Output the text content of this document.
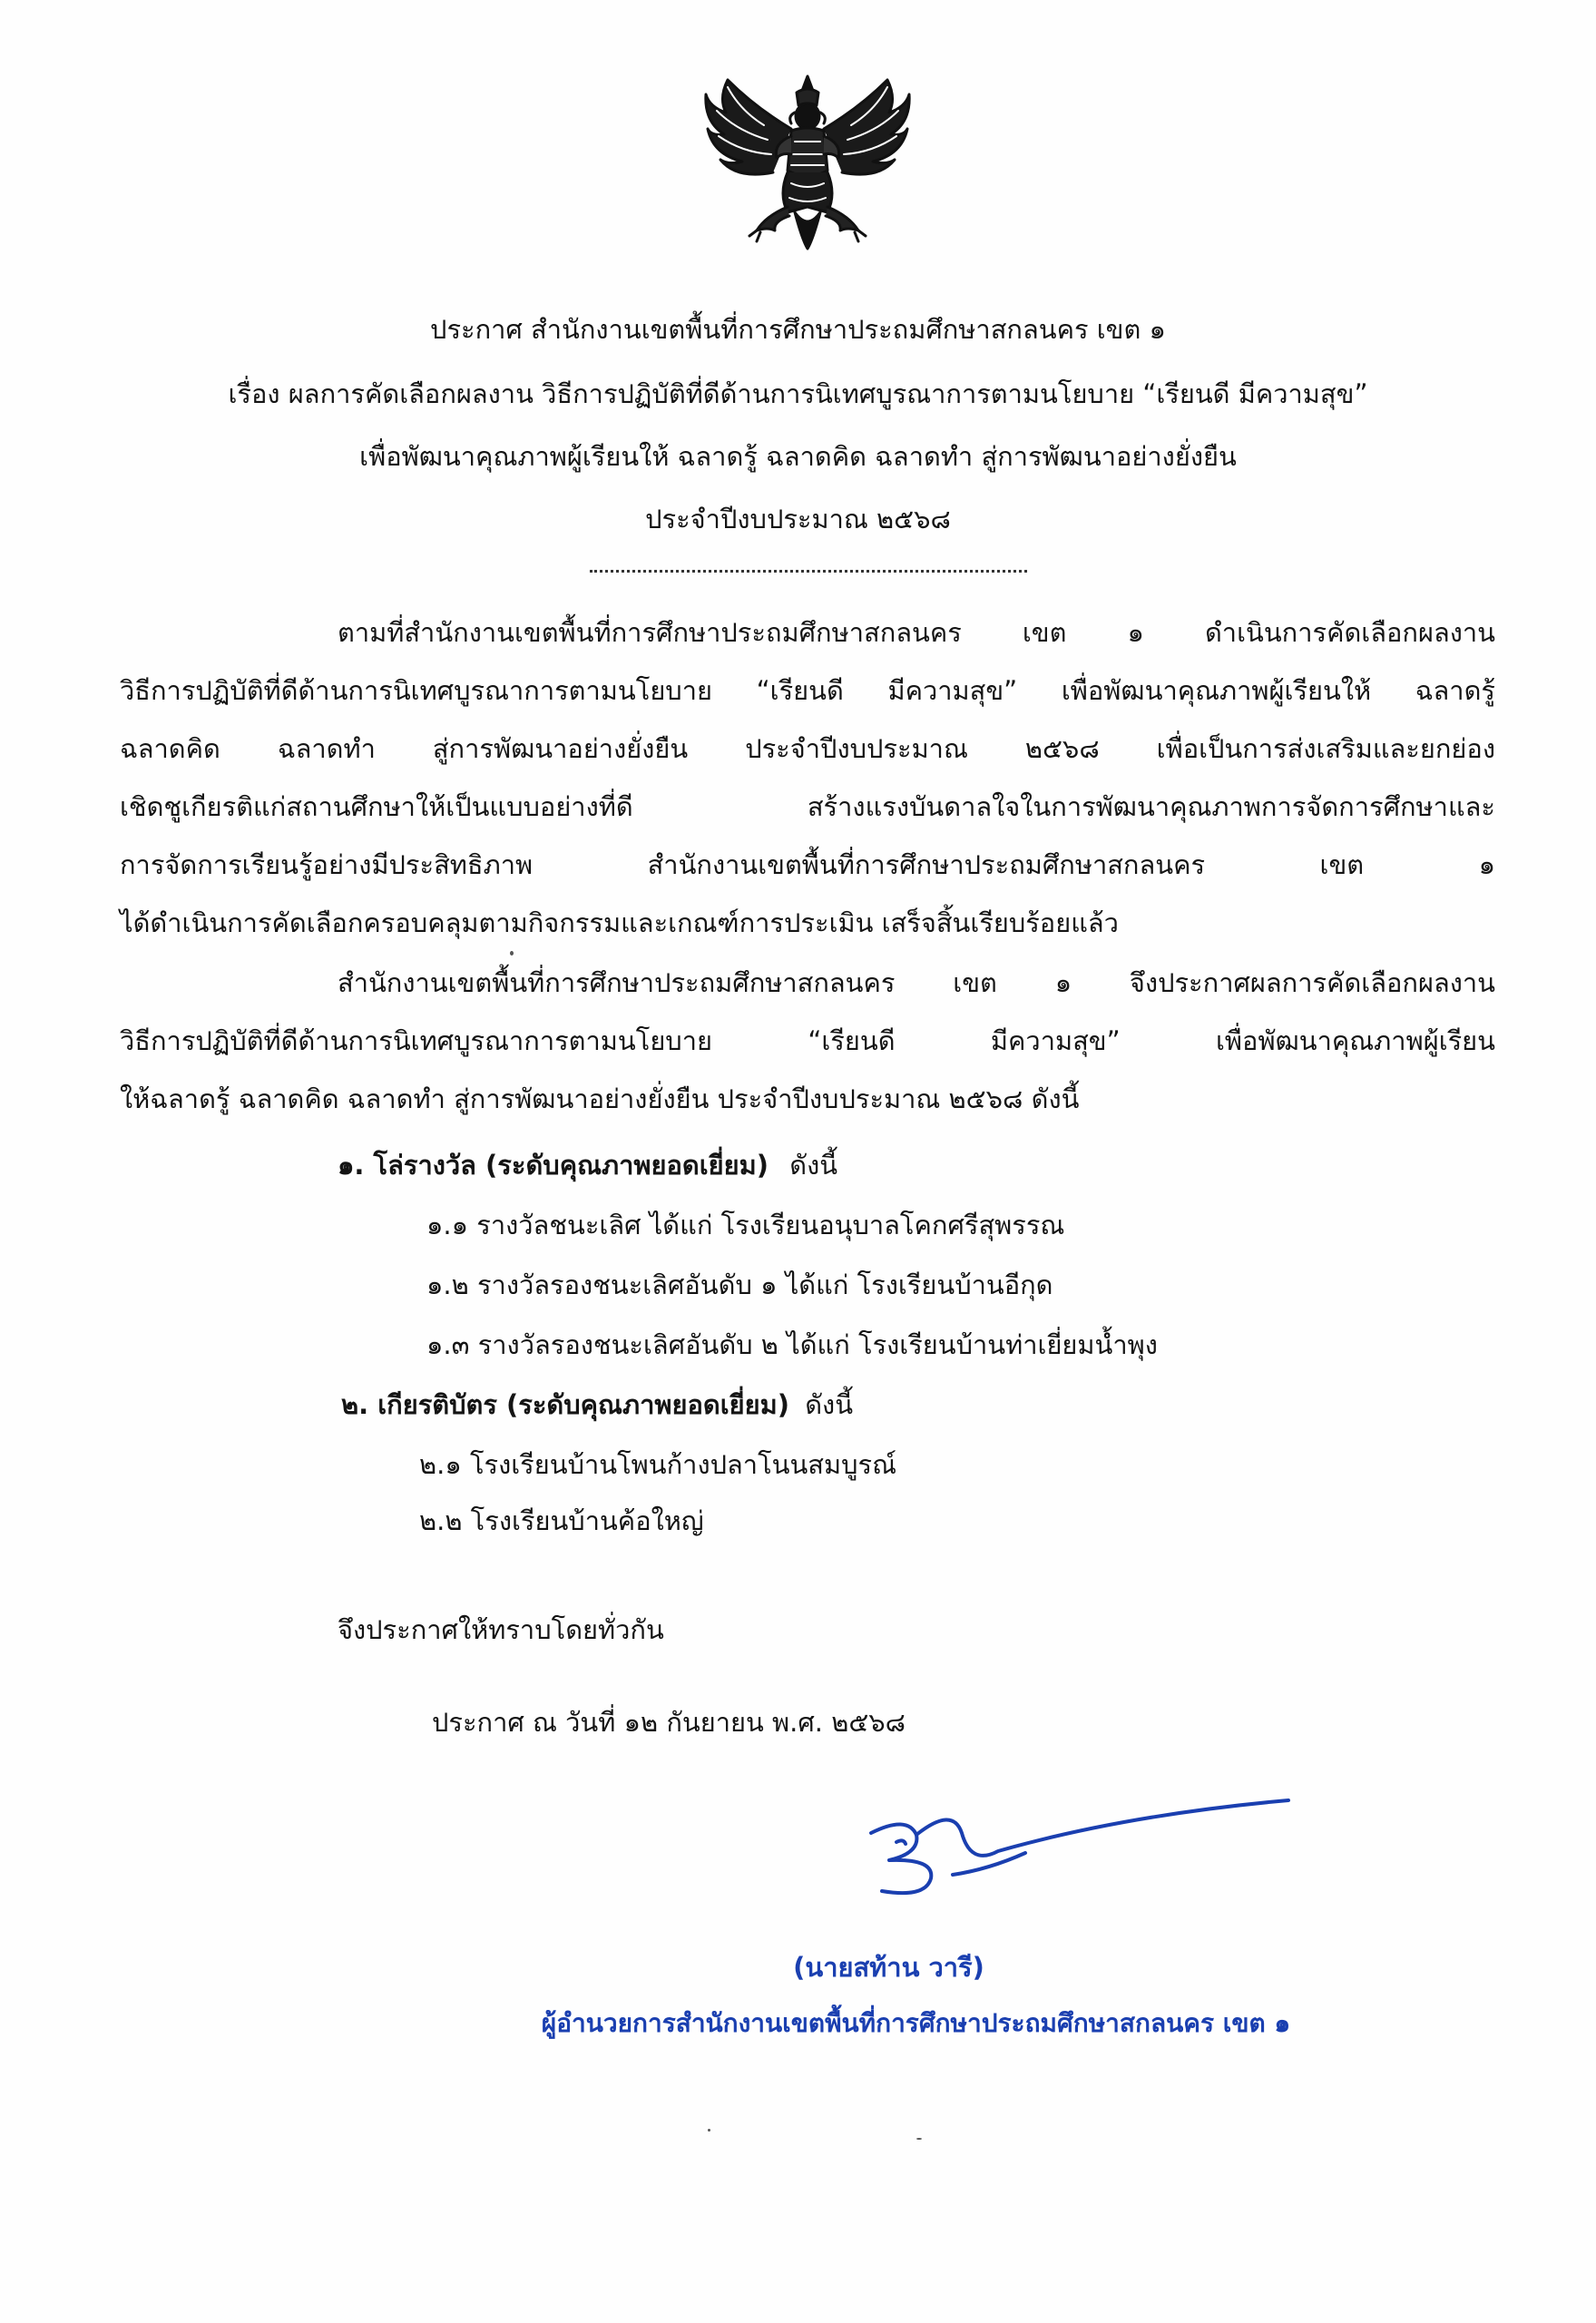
ประกาศ สำนักงานเขตพื้นที่การศึกษาประถมศึกษาสกลนคร เขต ๑
เรื่อง ผลการคัดเลือกผลงาน วิธีการปฏิบัติที่ดีด้านการนิเทศบูรณาการตามนโยบาย “เรียนดี มีความสุข”
เพื่อพัฒนาคุณภาพผู้เรียนให้ ฉลาดรู้ ฉลาดคิด ฉลาดทำ สู่การพัฒนาอย่างยั่งยืน
ประจำปีงบประมาณ ๒๕๖๘
ตามที่สำนักงานเขตพื้นที่การศึกษาประถมศึกษาสกลนคร เขต ๑ ดำเนินการคัดเลือกผลงาน
วิธีการปฏิบัติที่ดีด้านการนิเทศบูรณาการตามนโยบาย “เรียนดี มีความสุข” เพื่อพัฒนาคุณภาพผู้เรียนให้ ฉลาดรู้
ฉลาดคิด ฉลาดทำ สู่การพัฒนาอย่างยั่งยืน ประจำปีงบประมาณ ๒๕๖๘ เพื่อเป็นการส่งเสริมและยกย่อง
เชิดชูเกียรติแก่สถานศึกษาให้เป็นแบบอย่างที่ดี สร้างแรงบันดาลใจในการพัฒนาคุณภาพการจัดการศึกษาและ
การจัดการเรียนรู้อย่างมีประสิทธิภาพ สำนักงานเขตพื้นที่การศึกษาประถมศึกษาสกลนคร เขต ๑
ได้ดำเนินการคัดเลือกครอบคลุมตามกิจกรรมและเกณฑ์การประเมิน เสร็จสิ้นเรียบร้อยแล้ว
สำนักงานเขตพื้นที่การศึกษาประถมศึกษาสกลนคร เขต ๑ จึงประกาศผลการคัดเลือกผลงาน
วิธีการปฏิบัติที่ดีด้านการนิเทศบูรณาการตามนโยบาย “เรียนดี มีความสุข” เพื่อพัฒนาคุณภาพผู้เรียน
ให้ฉลาดรู้ ฉลาดคิด ฉลาดทำ สู่การพัฒนาอย่างยั่งยืน ประจำปีงบประมาณ ๒๕๖๘ ดังนี้
๑. โล่รางวัล (ระดับคุณภาพยอดเยี่ยม) ดังนี้
๑.๑ รางวัลชนะเลิศ ได้แก่ โรงเรียนอนุบาลโคกศรีสุพรรณ
๑.๒ รางวัลรองชนะเลิศอันดับ ๑ ได้แก่ โรงเรียนบ้านอีกุด
๑.๓ รางวัลรองชนะเลิศอันดับ ๒ ได้แก่ โรงเรียนบ้านท่าเยี่ยมน้ำพุง
๒. เกียรติบัตร (ระดับคุณภาพยอดเยี่ยม) ดังนี้
๒.๑ โรงเรียนบ้านโพนก้างปลาโนนสมบูรณ์
๒.๒ โรงเรียนบ้านค้อใหญ่
จึงประกาศให้ทราบโดยทั่วกัน
ประกาศ ณ วันที่ ๑๒ กันยายน พ.ศ. ๒๕๖๘
(นายสท้าน วารี)
ผู้อำนวยการสำนักงานเขตพื้นที่การศึกษาประถมศึกษาสกลนคร เขต ๑
